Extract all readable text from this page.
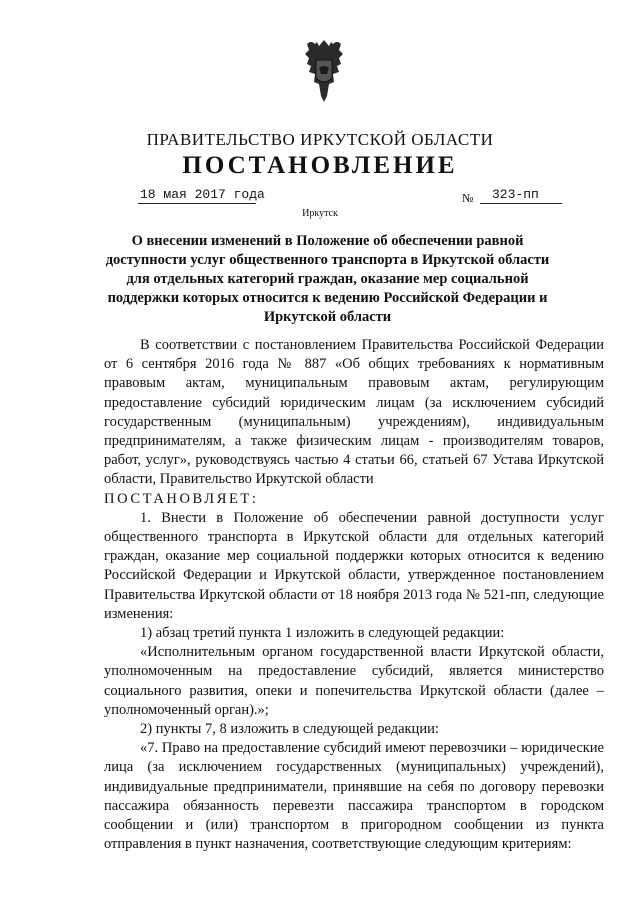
ПРАВИТЕЛЬСТВО ИРКУТСКОЙ ОБЛАСТИ
ПОСТАНОВЛЕНИЕ
18 мая 2017 года	№ 323-пп
Иркутск
О внесении изменений в Положение об обеспечении равной доступности услуг общественного транспорта в Иркутской области для отдельных категорий граждан, оказание мер социальной поддержки которых относится к ведению Российской Федерации и Иркутской области

В соответствии с постановлением Правительства Российской Федерации от 6 сентября 2016 года № 887 «Об общих требованиях к нормативным правовым актам, муниципальным правовым актам, регулирующим предоставление субсидий юридическим лицам (за исключением субсидий государственным (муниципальным) учреждениям), индивидуальным предпринимателям, а также физическим лицам - производителям товаров, работ, услуг», руководствуясь частью 4 статьи 66, статьей 67 Устава Иркутской области, Правительство Иркутской области

ПОСТАНОВЛЯЕТ:

1. Внести в Положение об обеспечении равной доступности услуг общественного транспорта в Иркутской области для отдельных категорий граждан, оказание мер социальной поддержки которых относится к ведению Российской Федерации и Иркутской области, утвержденное постановлением Правительства Иркутской области от 18 ноября 2013 года № 521-пп, следующие изменения:

1) абзац третий пункта 1 изложить в следующей редакции:

«Исполнительным органом государственной власти Иркутской области, уполномоченным на предоставление субсидий, является министерство социального развития, опеки и попечительства Иркутской области (далее – уполномоченный орган).»;

2) пункты 7, 8 изложить в следующей редакции:

«7. Право на предоставление субсидий имеют перевозчики – юридические лица (за исключением государственных (муниципальных) учреждений), индивидуальные предприниматели, принявшие на себя по договору перевозки пассажира обязанность перевезти пассажира транспортом в городском сообщении и (или) транспортом в пригородном сообщении из пункта отправления в пункт назначения, соответствующие следующим критериям:
